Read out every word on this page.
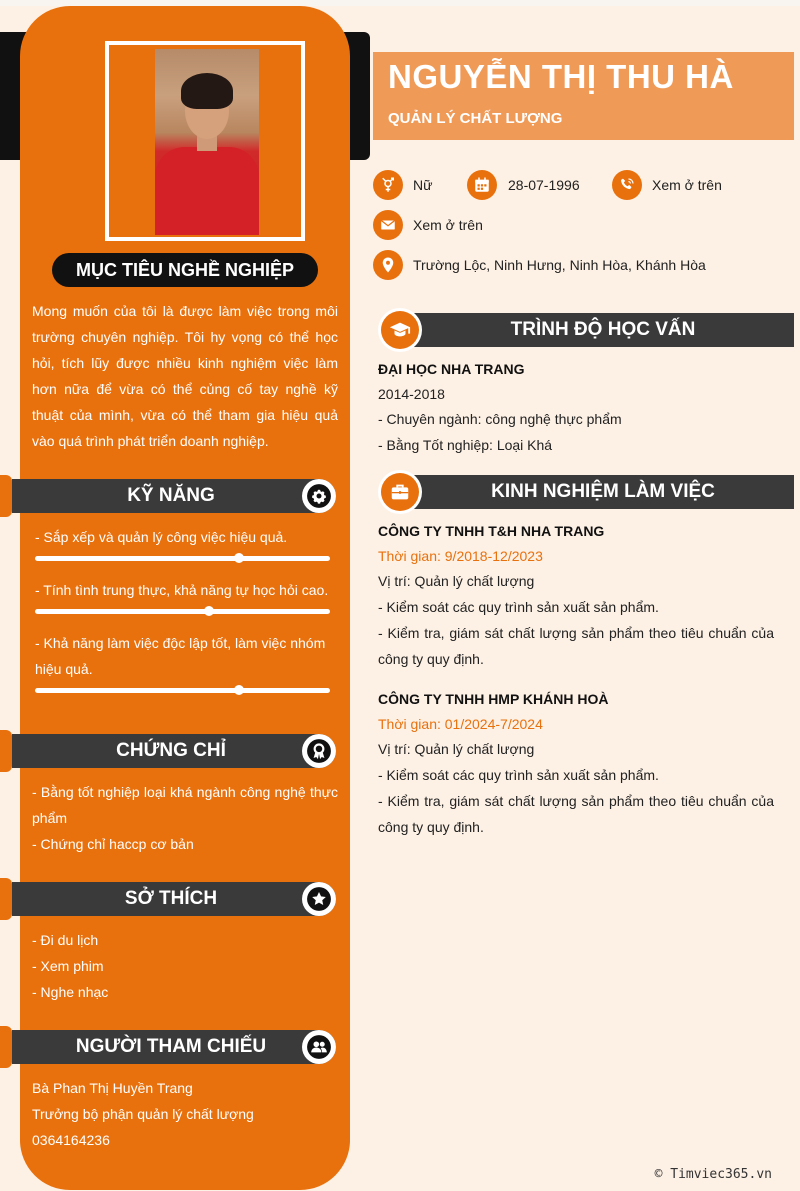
MỤC TIÊU NGHỀ NGHIỆP
Mong muốn của tôi là được làm việc trong môi trường chuyên nghiệp. Tôi hy vọng có thể học hỏi, tích lũy được nhiều kinh nghiệm việc làm hơn nữa để vừa có thể củng cố tay nghề kỹ thuật của mình, vừa có thể tham gia hiệu quả vào quá trình phát triển doanh nghiệp.
KỸ NĂNG
- Sắp xếp và quản lý công việc hiệu quả.
- Tính tình trung thực, khả năng tự học hỏi cao.
- Khả năng làm việc độc lập tốt, làm việc nhóm hiệu quả.
CHỨNG CHỈ
- Bằng tốt nghiệp loại khá ngành công nghệ thực phẩm
- Chứng chỉ haccp cơ bản
SỞ THÍCH
- Đi du lịch
- Xem phim
- Nghe nhạc
NGƯỜI THAM CHIẾU
Bà Phan Thị Huyền Trang
Trưởng bộ phận quản lý chất lượng
0364164236
NGUYỄN THỊ THU HÀ
QUẢN LÝ CHẤT LƯỢNG
Nữ	28-07-1996	Xem ở trên
Xem ở trên
Trường Lộc, Ninh Hưng, Ninh Hòa, Khánh Hòa
TRÌNH ĐỘ HỌC VẤN
ĐẠI HỌC NHA TRANG
2014-2018
- Chuyên ngành: công nghệ thực phẩm
- Bằng Tốt nghiệp: Loại Khá
KINH NGHIỆM LÀM VIỆC
CÔNG TY TNHH T&H NHA TRANG
Thời gian: 9/2018-12/2023
Vị trí: Quản lý chất lượng
- Kiểm soát các quy trình sản xuất sản phẩm.
- Kiểm tra, giám sát chất lượng sản phẩm theo tiêu chuẩn của công ty quy định.
CÔNG TY TNHH HMP KHÁNH HOÀ
Thời gian: 01/2024-7/2024
Vị trí: Quản lý chất lượng
- Kiểm soát các quy trình sản xuất sản phẩm.
- Kiểm tra, giám sát chất lượng sản phẩm theo tiêu chuẩn của công ty quy định.
© Timviec365.vn
